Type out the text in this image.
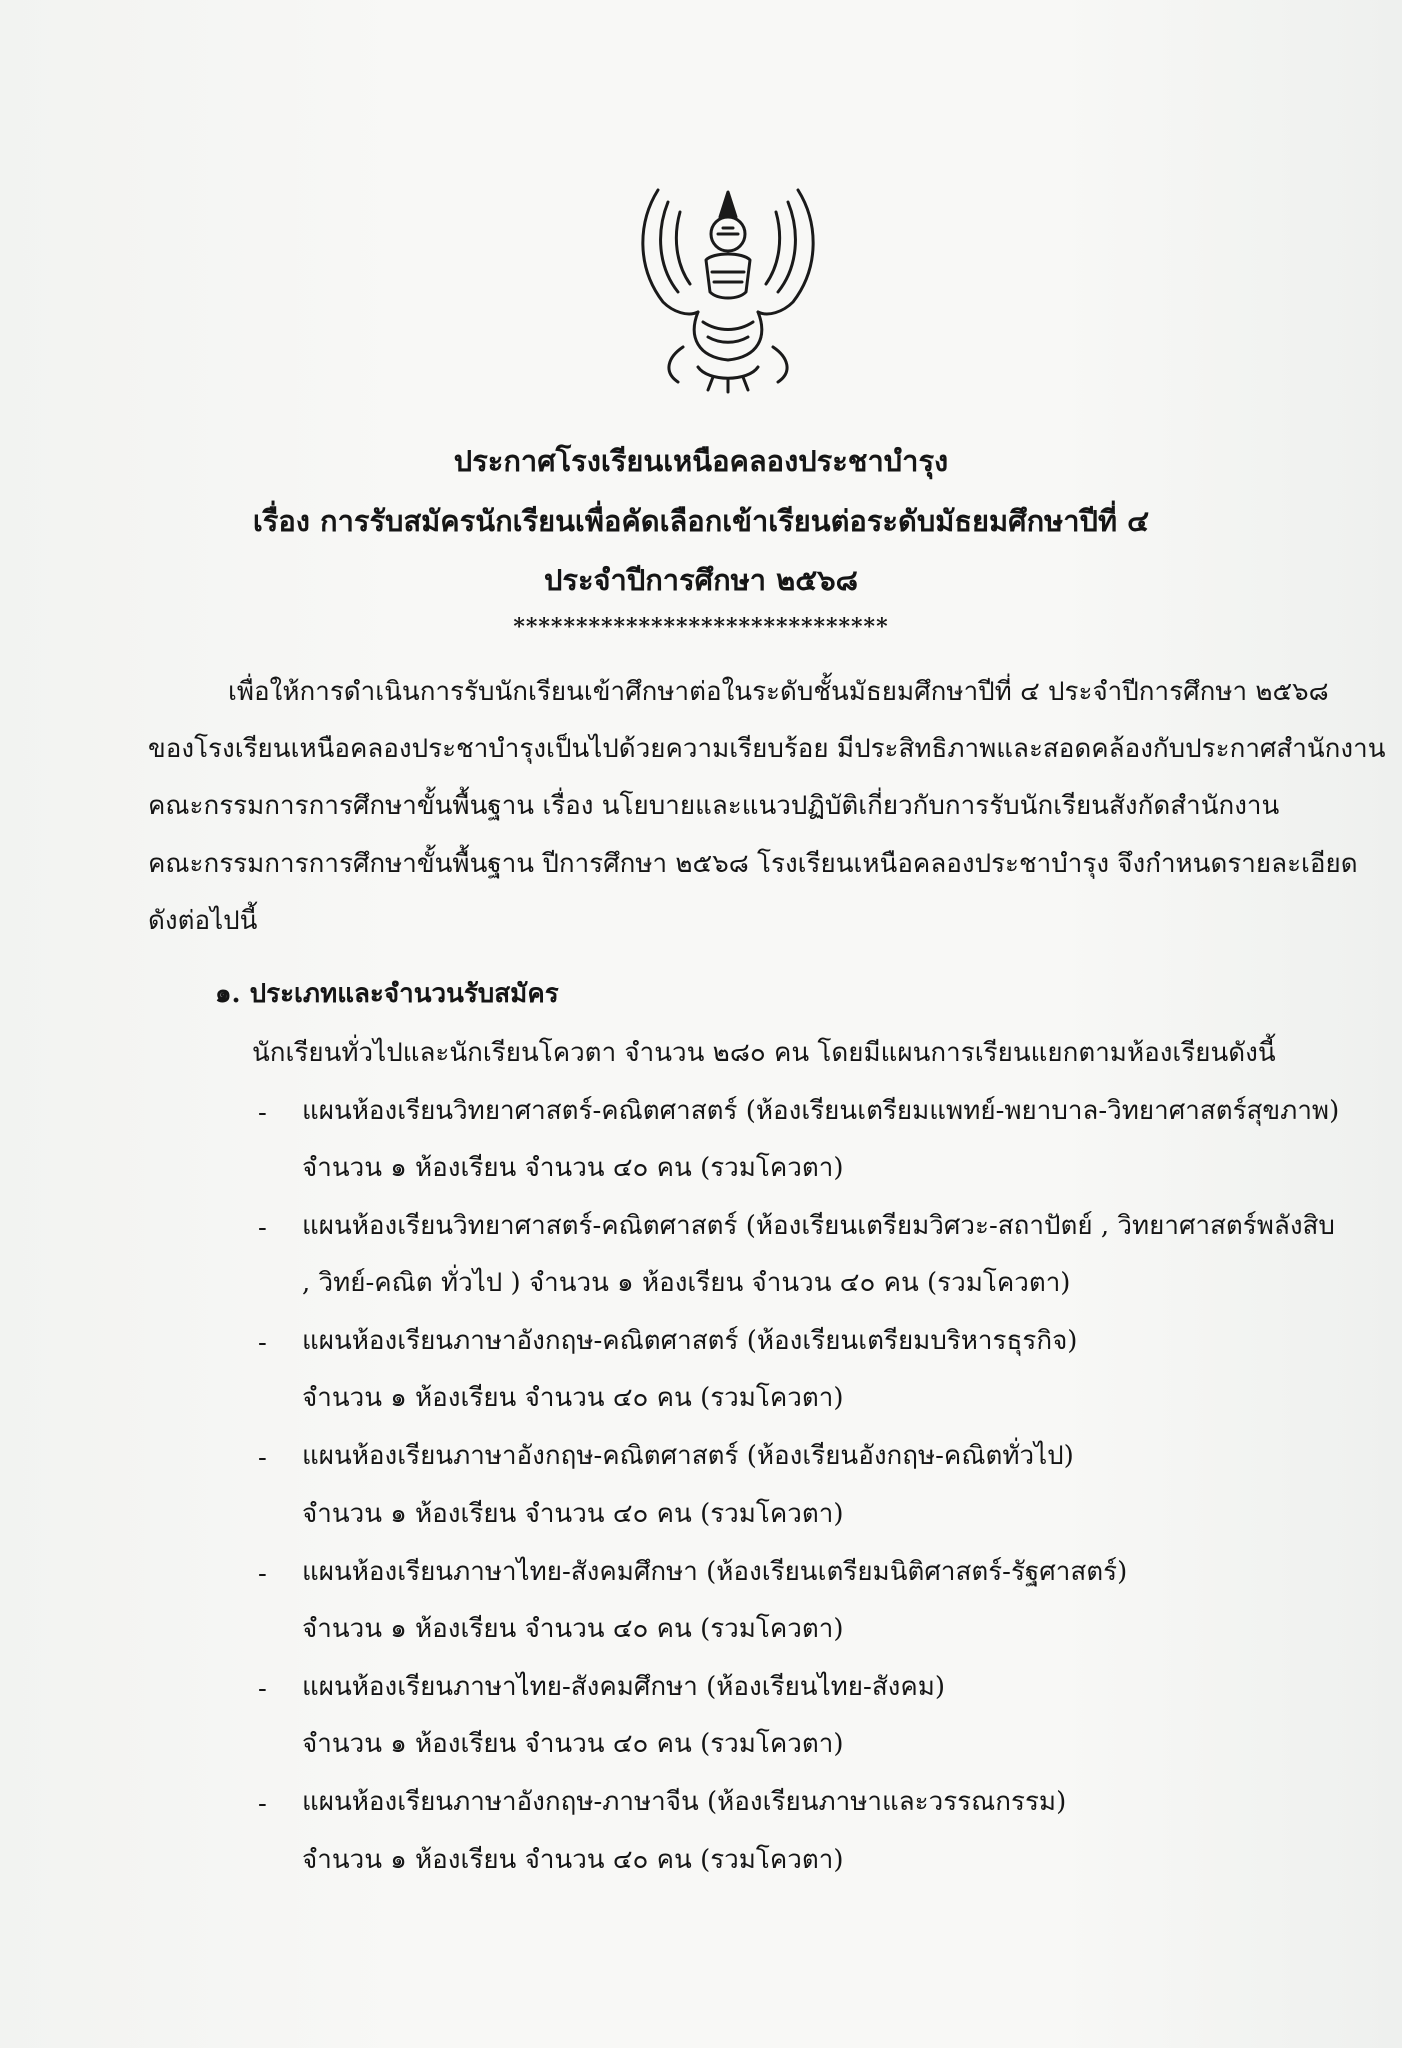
ประกาศโรงเรียนเหนือคลองประชาบำรุง
เรื่อง การรับสมัครนักเรียนเพื่อคัดเลือกเข้าเรียนต่อระดับมัธยมศึกษาปีที่ ๔
ประจำปีการศึกษา ๒๕๖๘
******************************
เพื่อให้การดำเนินการรับนักเรียนเข้าศึกษาต่อในระดับชั้นมัธยมศึกษาปีที่ ๔ ประจำปีการศึกษา ๒๕๖๘
ของโรงเรียนเหนือคลองประชาบำรุงเป็นไปด้วยความเรียบร้อย มีประสิทธิภาพและสอดคล้องกับประกาศสำนักงาน
คณะกรรมการการศึกษาขั้นพื้นฐาน เรื่อง นโยบายและแนวปฏิบัติเกี่ยวกับการรับนักเรียนสังกัดสำนักงาน
คณะกรรมการการศึกษาขั้นพื้นฐาน ปีการศึกษา ๒๕๖๘ โรงเรียนเหนือคลองประชาบำรุง จึงกำหนดรายละเอียด
ดังต่อไปนี้
๑. ประเภทและจำนวนรับสมัคร
นักเรียนทั่วไปและนักเรียนโควตา จำนวน ๒๘๐ คน โดยมีแผนการเรียนแยกตามห้องเรียนดังนี้
- แผนห้องเรียนวิทยาศาสตร์-คณิตศาสตร์ (ห้องเรียนเตรียมแพทย์-พยาบาล-วิทยาศาสตร์สุขภาพ)
จำนวน ๑ ห้องเรียน จำนวน ๔๐ คน (รวมโควตา)
- แผนห้องเรียนวิทยาศาสตร์-คณิตศาสตร์ (ห้องเรียนเตรียมวิศวะ-สถาปัตย์ , วิทยาศาสตร์พลังสิบ
, วิทย์-คณิต ทั่วไป ) จำนวน ๑ ห้องเรียน จำนวน ๔๐ คน (รวมโควตา)
- แผนห้องเรียนภาษาอังกฤษ-คณิตศาสตร์ (ห้องเรียนเตรียมบริหารธุรกิจ)
จำนวน ๑ ห้องเรียน จำนวน ๔๐ คน (รวมโควตา)
- แผนห้องเรียนภาษาอังกฤษ-คณิตศาสตร์ (ห้องเรียนอังกฤษ-คณิตทั่วไป)
จำนวน ๑ ห้องเรียน จำนวน ๔๐ คน (รวมโควตา)
- แผนห้องเรียนภาษาไทย-สังคมศึกษา (ห้องเรียนเตรียมนิติศาสตร์-รัฐศาสตร์)
จำนวน ๑ ห้องเรียน จำนวน ๔๐ คน (รวมโควตา)
- แผนห้องเรียนภาษาไทย-สังคมศึกษา (ห้องเรียนไทย-สังคม)
จำนวน ๑ ห้องเรียน จำนวน ๔๐ คน (รวมโควตา)
- แผนห้องเรียนภาษาอังกฤษ-ภาษาจีน (ห้องเรียนภาษาและวรรณกรรม)
จำนวน ๑ ห้องเรียน จำนวน ๔๐ คน (รวมโควตา)
